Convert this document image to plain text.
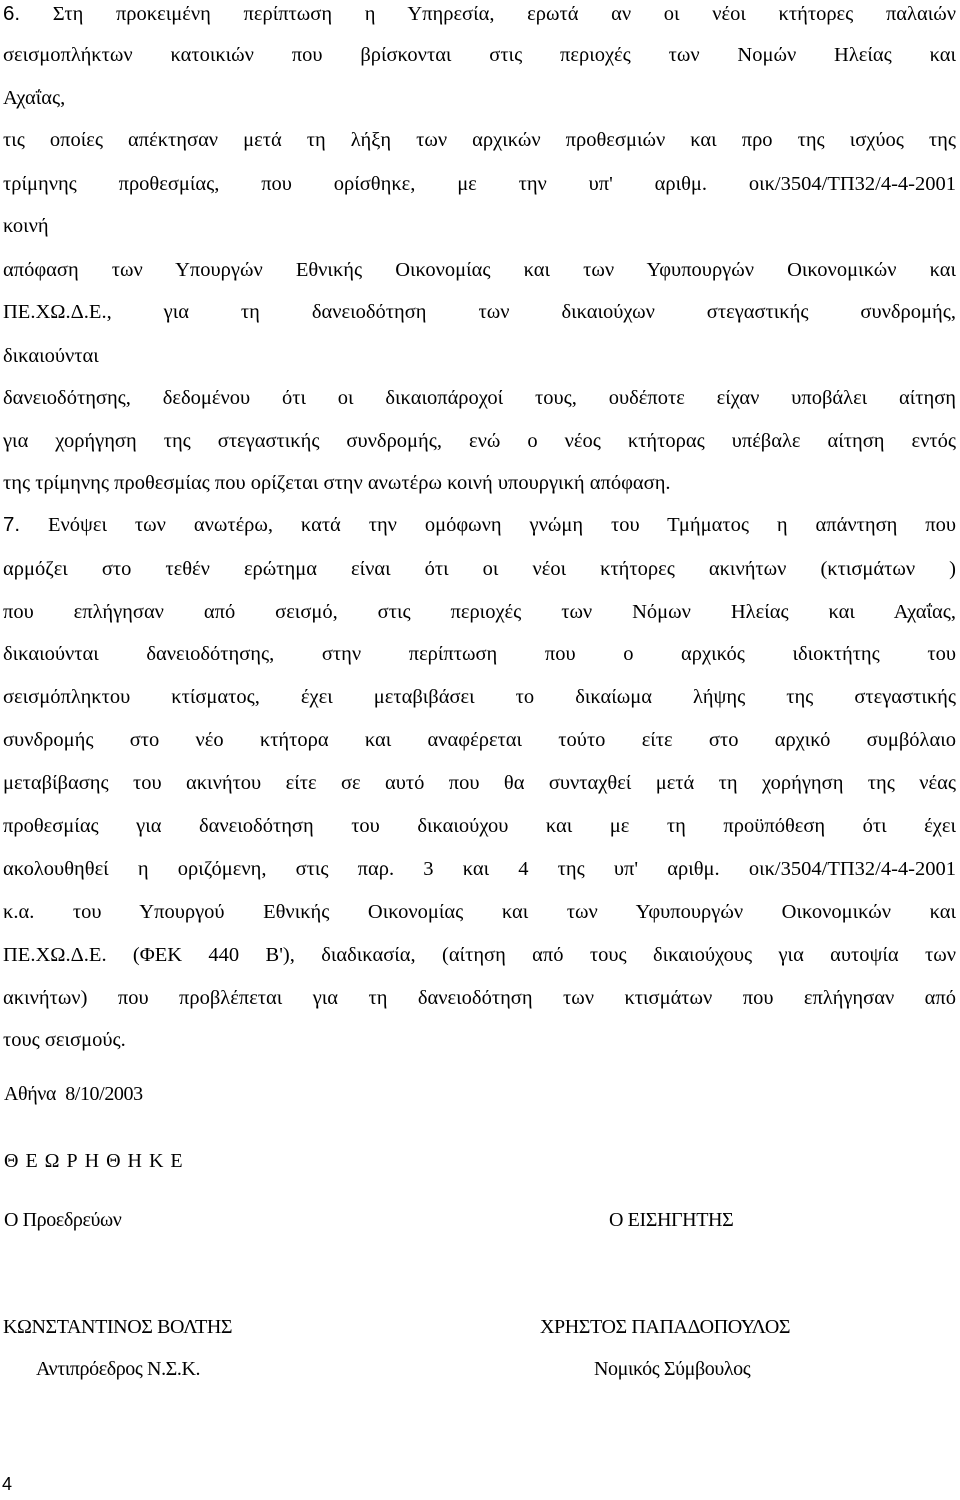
6. Στη προκειμένη περίπτωση η Υπηρεσία, ερωτά αν οι νέοι κτήτορες παλαιών
σεισμοπλήκτων κατοικιών που βρίσκονται στις περιοχές των Νομών Ηλείας και
Αχαΐας,
τις οποίες απέκτησαν μετά τη λήξη των αρχικών προθεσμιών και προ της ισχύος της
τρίμηνης προθεσμίας, που ορίσθηκε, με την υπ' αριθμ. οικ/3504/ΤΠ32/4-4-2001
κοινή
απόφαση των Υπουργών Εθνικής Οικονομίας και των Υφυπουργών Οικονομικών και
ΠΕ.ΧΩ.Δ.Ε., για τη δανειοδότηση των δικαιούχων στεγαστικής συνδρομής,
δικαιούνται
δανειοδότησης, δεδομένου ότι οι δικαιοπάροχοί τους, ουδέποτε είχαν υποβάλει αίτηση
για χορήγηση της στεγαστικής συνδρομής, ενώ ο νέος κτήτορας υπέβαλε αίτηση εντός
της τρίμηνης προθεσμίας που ορίζεται στην ανωτέρω κοινή υπουργική απόφαση.
7. Ενόψει των ανωτέρω, κατά την ομόφωνη γνώμη του Τμήματος η απάντηση που
αρμόζει στο τεθέν ερώτημα είναι ότι οι νέοι κτήτορες ακινήτων (κτισμάτων )
που επλήγησαν από σεισμό, στις περιοχές των Νόμων Ηλείας και Αχαΐας,
δικαιούνται δανειοδότησης, στην περίπτωση που ο αρχικός ιδιοκτήτης του
σεισμόπληκτου κτίσματος, έχει μεταβιβάσει το δικαίωμα λήψης της στεγαστικής
συνδρομής στο νέο κτήτορα και αναφέρεται τούτο είτε στο αρχικό συμβόλαιο
μεταβίβασης του ακινήτου είτε σε αυτό που θα συνταχθεί μετά τη χορήγηση της νέας
προθεσμίας για δανειοδότηση του δικαιούχου και με τη προϋπόθεση ότι έχει
ακολουθηθεί η οριζόμενη, στις παρ. 3 και 4 της υπ' αριθμ. οικ/3504/ΤΠ32/4-4-2001
κ.α. του Υπουργού Εθνικής Οικονομίας και των Υφυπουργών Οικονομικών και
ΠΕ.ΧΩ.Δ.Ε. (ΦΕΚ 440 Β'), διαδικασία, (αίτηση από τους δικαιούχους για αυτοψία των
ακινήτων) που προβλέπεται για τη δανειοδότηση των κτισμάτων που επλήγησαν από
τους σεισμούς.
Αθήνα  8/10/2003
Θ Ε Ω Ρ Η Θ Η Κ Ε
Ο Προεδρεύων	Ο ΕΙΣΗΓΗΤΗΣ
ΚΩΝΣΤΑΝΤΙΝΟΣ ΒΟΛΤΗΣ	ΧΡΗΣΤΟΣ ΠΑΠΑΔΟΠΟΥΛΟΣ
Αντιπρόεδρος Ν.Σ.Κ.	Νομικός Σύμβουλος
4
